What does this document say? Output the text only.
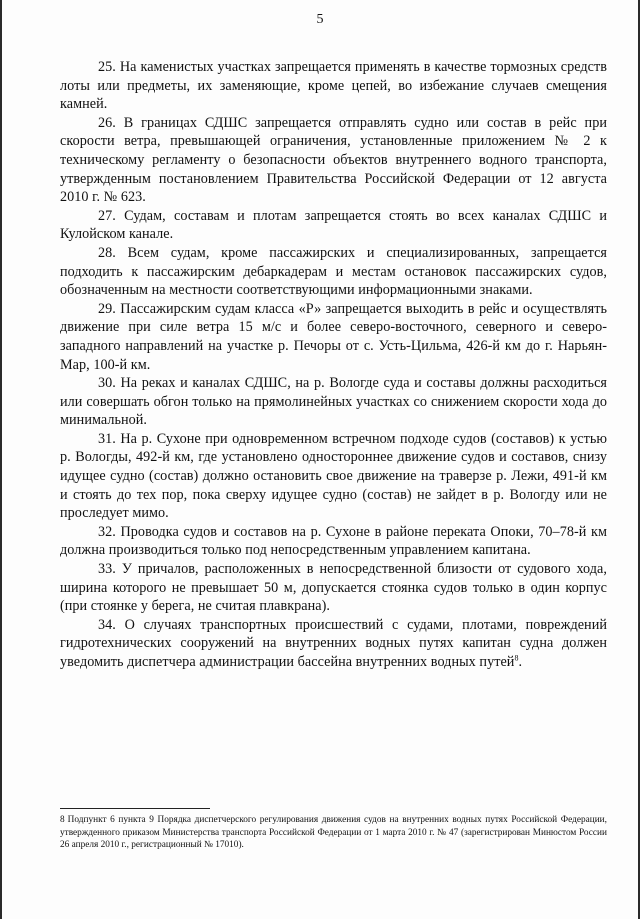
5

25. На каменистых участках запрещается применять в качестве тормозных средств лоты или предметы, их заменяющие, кроме цепей, во избежание случаев смещения камней.

26. В границах СДШС запрещается отправлять судно или состав в рейс при скорости ветра, превышающей ограничения, установленные приложением № 2 к техническому регламенту о безопасности объектов внутреннего водного транспорта, утвержденным постановлением Правительства Российской Федерации от 12 августа 2010 г. № 623.

27. Судам, составам и плотам запрещается стоять во всех каналах СДШС и Кулойском канале.

28. Всем судам, кроме пассажирских и специализированных, запрещается подходить к пассажирским дебаркадерам и местам остановок пассажирских судов, обозначенным на местности соответствующими информационными знаками.

29. Пассажирским судам класса «Р» запрещается выходить в рейс и осуществлять движение при силе ветра 15 м/с и более северо-восточного, северного и северо-западного направлений на участке р. Печоры от с. Усть-Цильма, 426-й км до г. Нарьян-Мар, 100-й км.

30. На реках и каналах СДШС, на р. Вологде суда и составы должны расходиться или совершать обгон только на прямолинейных участках со снижением скорости хода до минимальной.

31. На р. Сухоне при одновременном встречном подходе судов (составов) к устью р. Вологды, 492-й км, где установлено одностороннее движение судов и составов, снизу идущее судно (состав) должно остановить свое движение на траверзе р. Лежи, 491-й км и стоять до тех пор, пока сверху идущее судно (состав) не зайдет в р. Вологду или не проследует мимо.

32. Проводка судов и составов на р. Сухоне в районе переката Опоки, 70–78-й км должна производиться только под непосредственным управлением капитана.

33. У причалов, расположенных в непосредственной близости от судового хода, ширина которого не превышает 50 м, допускается стоянка судов только в один корпус (при стоянке у берега, не считая плавкрана).

34. О случаях транспортных происшествий с судами, плотами, повреждений гидротехнических сооружений на внутренних водных путях капитан судна должен уведомить диспетчера администрации бассейна внутренних водных путей$^8$.

8 Подпункт 6 пункта 9 Порядка диспетчерского регулирования движения судов на внутренних водных путях Российской Федерации, утвержденного приказом Министерства транспорта Российской Федерации от 1 марта 2010 г. № 47 (зарегистрирован Минюстом России 26 апреля 2010 г., регистрационный № 17010).
